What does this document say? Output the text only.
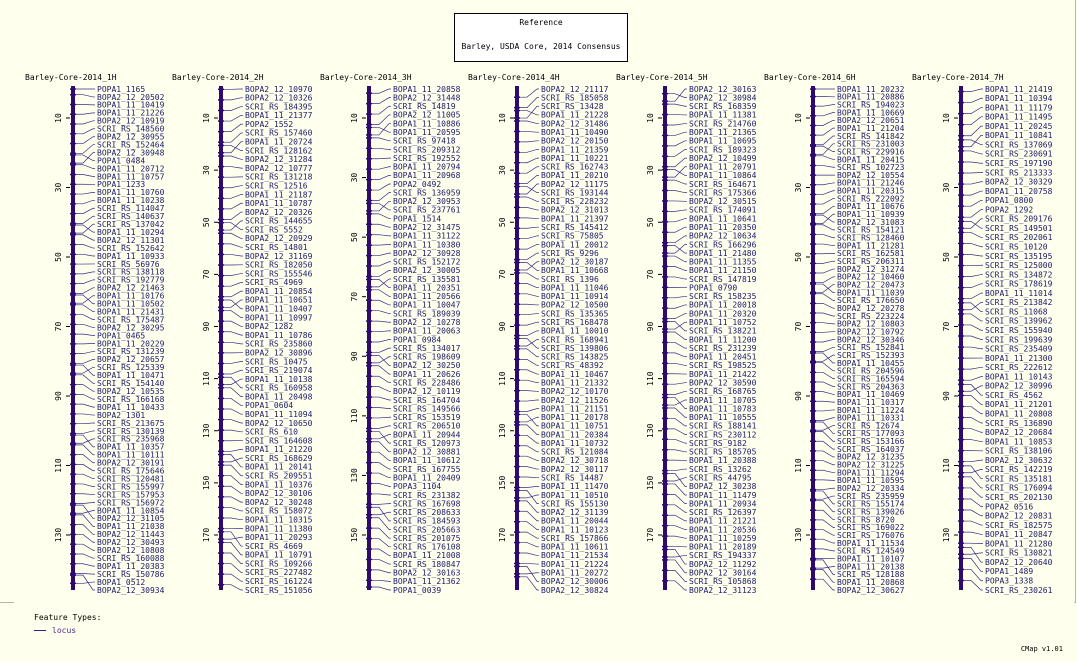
Barley-Core-2014_1H
10
30
50
70
90
110
130
POPA1_1165
BOPA2_12_20502
BOPA1_11_10419
BOPA1_11_21226
BOPA2_12_10919
SCRI_RS_148560
BOPA2_12_30955
SCRI_RS_152464
BOPA2_12_30948
POPA1_0484
BOPA1_11_20712
BOPA1_11_10757
POPA1_1233
BOPA1_11_10760
BOPA1_11_10238
SCRI_RS_114047
SCRI_RS_140637
SCRI_RS_137042
BOPA1_11_10294
BOPA2_12_11301
SCRI_RS_152642
BOPA1_11_10933
SCRI_RS_56976
SCRI_RS_138118
SCRI_RS_192779
BOPA2_12_21463
BOPA1_11_10176
BOPA1_11_10502
BOPA1_11_21431
SCRI_RS_175487
BOPA2_12_30295
POPA1_0465
BOPA1_11_20229
SCRI_RS_131239
BOPA2_12_20657
SCRI_RS_125339
BOPA1_11_10471
SCRI_RS_154140
BOPA2_12_10535
SCRI_RS_166168
BOPA1_11_10433
BOPA2_1301
SCRI_RS_213675
SCRI_RS_130139
SCRI_RS_235968
BOPA1_11_10357
BOPA1_11_10111
BOPA2_12_30191
SCRI_RS_175646
SCRI_RS_120481
SCRI_RS_155997
SCRI_RS_157953
SCRI_RS_156972
BOPA1_11_10854
BOPA2_12_31105
BOPA1_11_21038
BOPA2_12_11443
BOPA2_12_30493
BOPA2_12_10808
SCRI_RS_160088
BOPA1_11_20383
SCRI_RS_150786
BOPA1_0512
BOPA2_12_30934
Barley-Core-2014_2H
10
30
50
70
90
110
130
150
170
BOPA2_12_10970
BOPA2_12_10326
SCRI_RS_184395
BOPA1_11_21377
POPA2_1552
SCRI_RS_157460
BOPA1_11_20724
SCRI_RS_128162
BOPA2_12_31284
BOPA2_12_10777
SCRI_RS_131218
SCRI_RS_12516
BOPA1_11_21187
BOPA1_11_10787
BOPA2_12_20326
SCRI_RS_144655
SCRI_RS_5552
BOPA2_12_20929
SCRI_RS_14801
BOPA2_12_31169
SCRI_RS_182050
SCRI_RS_155546
SCRI_RS_4969
BOPA1_11_20854
BOPA1_11_10651
BOPA1_11_10407
BOPA1_11_10997
BOPA2_1282
BOPA1_11_10786
SCRI_RS_235860
BOPA2_12_30896
SCRI_RS_10475
SCRI_RS_219074
BOPA1_11_10138
SCRI_RS_160958
BOPA1_11_20498
POPA1_0604
BOPA1_11_11094
BOPA2_12_10650
SCRI_RS_610
SCRI_RS_164608
BOPA1_11_21220
SCRI_RS_168629
BOPA1_11_20141
SCRI_RS_209551
BOPA1_11_10376
BOPA2_12_30106
BOPA2_12_30248
SCRI_RS_158072
BOPA1_11_10315
BOPA1_11_11380
BOPA1_11_20293
SCRI_RS_4669
BOPA1_11_10791
SCRI_RS_109266
SCRI_RS_227482
SCRI_RS_161224
SCRI_RS_151056
Barley-Core-2014_3H
10
30
50
70
90
110
130
150
BOPA1_11_20858
BOPA2_12_31448
SCRI_RS_14819
BOPA2_12_11005
BOPA1_11_10886
BOPA1_11_20595
SCRI_RS_97418
SCRI_RS_209312
SCRI_RS_192552
BOPA1_11_20794
BOPA1_11_20968
POPA2_0492
SCRI_RS_136959
BOPA2_12_30953
SCRI_RS_237761
POPA1_1514
BOPA2_12_31475
BOPA1_11_31122
BOPA1_11_10380
BOPA2_12_30928
SCRI_RS_152172
BOPA2_12_30005
SCRI_RS_135581
BOPA1_11_20351
BOPA1_11_20566
BOPA1_11_10047
SCRI_RS_189039
BOPA2_12_10278
BOPA1_11_20063
POPA1_0984
SCRI_RS_134017
SCRI_RS_198609
BOPA2_12_30250
BOPA1_11_20626
SCRI_RS_228486
BOPA2_12_10119
SCRI_RS_164704
SCRI_RS_149566
SCRI_RS_153519
SCRI_RS_206510
BOPA1_11_20944
SCRI_RS_120973
BOPA2_12_30881
BOPA1_11_10612
SCRI_RS_167755
BOPA1_11_20409
POPA3_1104
SCRI_RS_231382
SCRI_RS_167698
SCRI_RS_208633
SCRI_RS_184593
SCRI_RS_205663
SCRI_RS_201075
SCRI_RS_176108
BOPA1_11_21008
SCRI_RS_180847
BOPA2_12_30163
BOPA1_11_21362
POPA1_0039
Barley-Core-2014_4H
10
30
50
70
90
110
130
150
170
BOPA2_12_21117
SCRI_RS_185058
SCRI_RS_13428
BOPA1_11_21228
BOPA2_12_31486
BOPA1_11_10490
BOPA2_12_20150
BOPA1_11_21359
BOPA1_11_10221
SCRI_RS_162743
BOPA1_11_20210
BOPA2_12_11175
SCRI_RS_193144
SCRI_RS_228232
BOPA2_12_31013
BOPA1_11_21397
SCRI_RS_145412
SCRI_RS_75805
BOPA1_11_20012
SCRI_RS_9296
BOPA2_12_30187
BOPA1_11_10668
SCRI_RS_1396
BOPA1_11_11046
BOPA1_11_10914
BOPA2_12_10500
SCRI_RS_135365
SCRI_RS_168478
BOPA1_11_10010
SCRI_RS_168941
SCRI_RS_139806
SCRI_RS_143825
SCRI_RS_48392
BOPA1_11_10467
BOPA1_11_21332
BOPA2_12_10170
BOPA2_12_11526
BOPA1_11_21151
BOPA1_11_20178
BOPA1_11_10751
BOPA1_11_20384
BOPA1_11_10732
SCRI_RS_121084
BOPA2_12_30718
BOPA2_12_30117
SCRI_RS_14487
BOPA1_11_11470
BOPA1_11_10510
SCRI_RS_155130
BOPA2_12_31139
BOPA1_11_20044
BOPA1_11_10123
SCRI_RS_157866
BOPA1_11_10611
BOPA1_11_21534
BOPA1_11_21224
BOPA1_11_20272
BOPA2_12_30006
BOPA2_12_30824
Barley-Core-2014_5H
10
30
50
70
90
110
130
150
170
BOPA2_12_30163
BOPA2_12_30984
SCRI_RS_168359
BOPA1_11_11381
SCRI_RS_214760
BOPA1_11_21365
BOPA1_11_10695
SCRI_RS_189323
BOPA2_12_10499
BOPA1_11_20791
BOPA1_11_10864
SCRI_RS_164671
SCRI_RS_175366
BOPA2_12_30515
SCRI_RS_174091
BOPA1_11_10641
BOPA1_11_20350
BOPA2_12_10634
SCRI_RS_166296
BOPA1_11_21480
BOPA1_11_11355
BOPA1_11_21150
SCRI_RS_147819
POPA1_0790
SCRI_RS_158235
BOPA1_11_20018
BOPA1_11_20320
BOPA1_11_10752
SCRI_RS_138221
BOPA1_11_11200
SCRI_RS_231239
BOPA1_11_20451
SCRI_RS_198525
BOPA1_11_21422
BOPA2_12_30590
SCRI_RS_168765
BOPA1_11_10705
BOPA1_11_10783
BOPA1_11_10555
SCRI_RS_188141
SCRI_RS_230112
SCRI_RS_9182
SCRI_RS_185705
BOPA1_11_20388
SCRI_RS_13262
SCRI_RS_44795
BOPA2_12_30238
BOPA1_11_11479
BOPA1_11_20934
SCRI_RS_126397
BOPA1_11_21221
BOPA1_11_20536
BOPA1_11_10259
BOPA1_11_20189
SCRI_RS_194337
BOPA2_12_11292
BOPA2_12_30164
SCRI_RS_105868
BOPA2_12_31123
Barley-Core-2014_6H
10
30
50
70
90
110
130
BOPA1_11_20232
BOPA1_11_20886
SCRI_RS_194023
BOPA1_11_10669
BOPA2_12_20651
BOPA1_11_21204
SCRI_RS_141842
SCRI_RS_231003
SCRI_RS_229916
BOPA1_11_20415
SCRI_RS_102723
BOPA2_12_10554
BOPA1_11_21246
BOPA1_11_20315
SCRI_RS_222092
BOPA1_11_10676
BOPA1_11_10939
BOPA2_12_31083
SCRI_RS_154121
SCRI_RS_128460
BOPA1_11_21281
SCRI_RS_162581
SCRI_RS_206311
BOPA2_12_31274
BOPA2_12_10460
BOPA2_12_20473
BOPA1_11_11039
SCRI_RS_176650
BOPA2_12_20278
SCRI_RS_223224
BOPA2_12_10803
BOPA2_12_10792
BOPA2_12_30346
SCRI_RS_152841
SCRI_RS_152393
BOPA1_11_10455
SCRI_RS_204596
SCRI_RS_165594
SCRI_RS_204363
BOPA1_11_10469
BOPA1_11_10317
BOPA1_11_11224
BOPA1_11_10331
SCRI_RS_12674
SCRI_RS_177093
SCRI_RS_153166
SCRI_RS_164037
BOPA2_12_31235
BOPA2_12_31225
BOPA1_11_11294
BOPA1_11_10595
BOPA2_12_20334
SCRI_RS_235959
SCRI_RS_155174
SCRI_RS_139026
SCRI_RS_8720
SCRI_RS_169022
SCRI_RS_176076
BOPA1_11_11534
SCRI_RS_124549
BOPA1_11_10107
BOPA1_11_20138
SCRI_RS_128188
BOPA1_11_20868
BOPA2_12_30627
Barley-Core-2014_7H
10
30
50
70
90
110
130
BOPA1_11_21419
BOPA1_11_10394
BOPA1_11_11179
BOPA1_11_11495
BOPA1_11_20245
BOPA1_11_10841
SCRI_RS_137069
SCRI_RS_230691
SCRI_RS_197190
SCRI_RS_213333
BOPA2_12_30329
BOPA1_11_20758
POPA1_0800
POPA2_1292
SCRI_RS_209176
SCRI_RS_149501
SCRI_RS_202061
SCRI_RS_10120
SCRI_RS_135195
SCRI_RS_125000
SCRI_RS_134872
SCRI_RS_178619
BOPA1_11_11014
SCRI_RS_213842
SCRI_RS_11068
SCRI_RS_139962
SCRI_RS_155940
SCRI_RS_199639
SCRI_RS_235409
BOPA1_11_21300
SCRI_RS_222612
BOPA1_11_10143
BOPA2_12_30996
SCRI_RS_4562
BOPA1_11_21201
BOPA1_11_20808
SCRI_RS_136890
BOPA2_12_20684
BOPA1_11_10853
SCRI_RS_138106
BOPA2_12_30632
SCRI_RS_142219
SCRI_RS_135181
SCRI_RS_176094
SCRI_RS_202130
POPA2_0516
BOPA2_12_20831
SCRI_RS_182575
BOPA1_11_20847
BOPA1_11_21280
SCRI_RS_130821
BOPA2_12_20640
POPA1_1489
POPA3_1338
SCRI_RS_230261
Reference
Barley, USDA Core, 2014 Consensus
Feature Types:
locus
CMap v1.01
